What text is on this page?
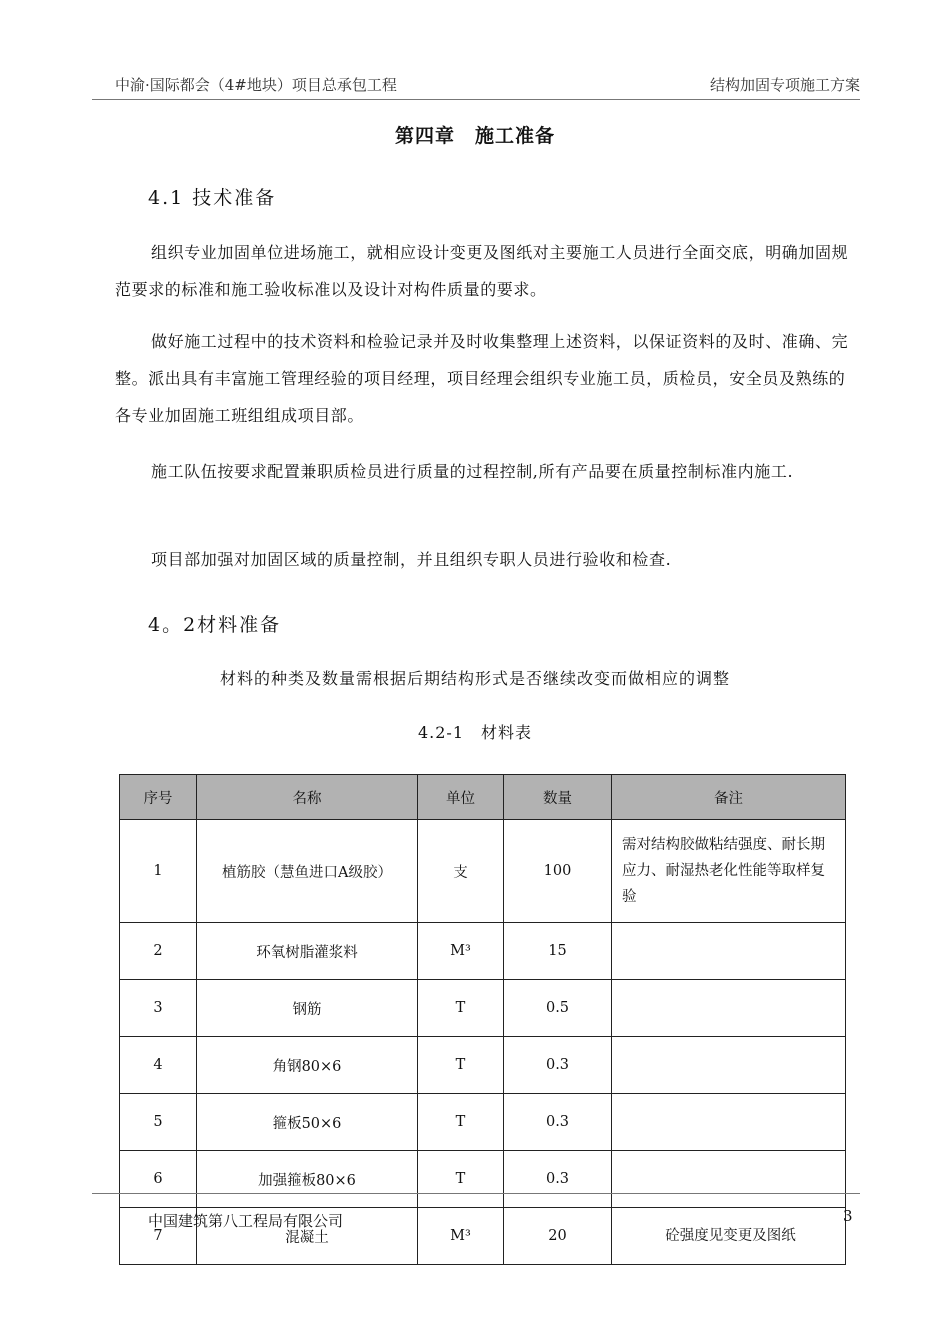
中渝·国际都会（4#地块）项目总承包工程	结构加固专项施工方案
第四章　施工准备
4.1 技术准备

组织专业加固单位进场施工，就相应设计变更及图纸对主要施工人员进行全面交底，明确加固规范要求的标准和施工验收标准以及设计对构件质量的要求。

做好施工过程中的技术资料和检验记录并及时收集整理上述资料，以保证资料的及时、准确、完整。派出具有丰富施工管理经验的项目经理，项目经理会组织专业施工员，质检员，安全员及熟练的各专业加固施工班组组成项目部。

施工队伍按要求配置兼职质检员进行质量的过程控制,所有产品要在质量控制标准内施工.

项目部加强对加固区域的质量控制，并且组织专职人员进行验收和检查.

4。2材料准备
材料的种类及数量需根据后期结构形式是否继续改变而做相应的调整
4.2-1　材料表
序号	名称	单位	数量	备注
1	植筋胶（慧鱼进口A级胶）	支	100	需对结构胶做粘结强度、耐长期应力、耐湿热老化性能等取样复验
2	环氧树脂灌浆料	M³	15	
3	钢筋	T	0.5	
4	角钢80×6	T	0.3	
5	箍板50×6	T	0.3	
6	加强箍板80×6	T	0.3	
7	混凝土	M³	20	砼强度见变更及图纸
中国建筑第八工程局有限公司	3
